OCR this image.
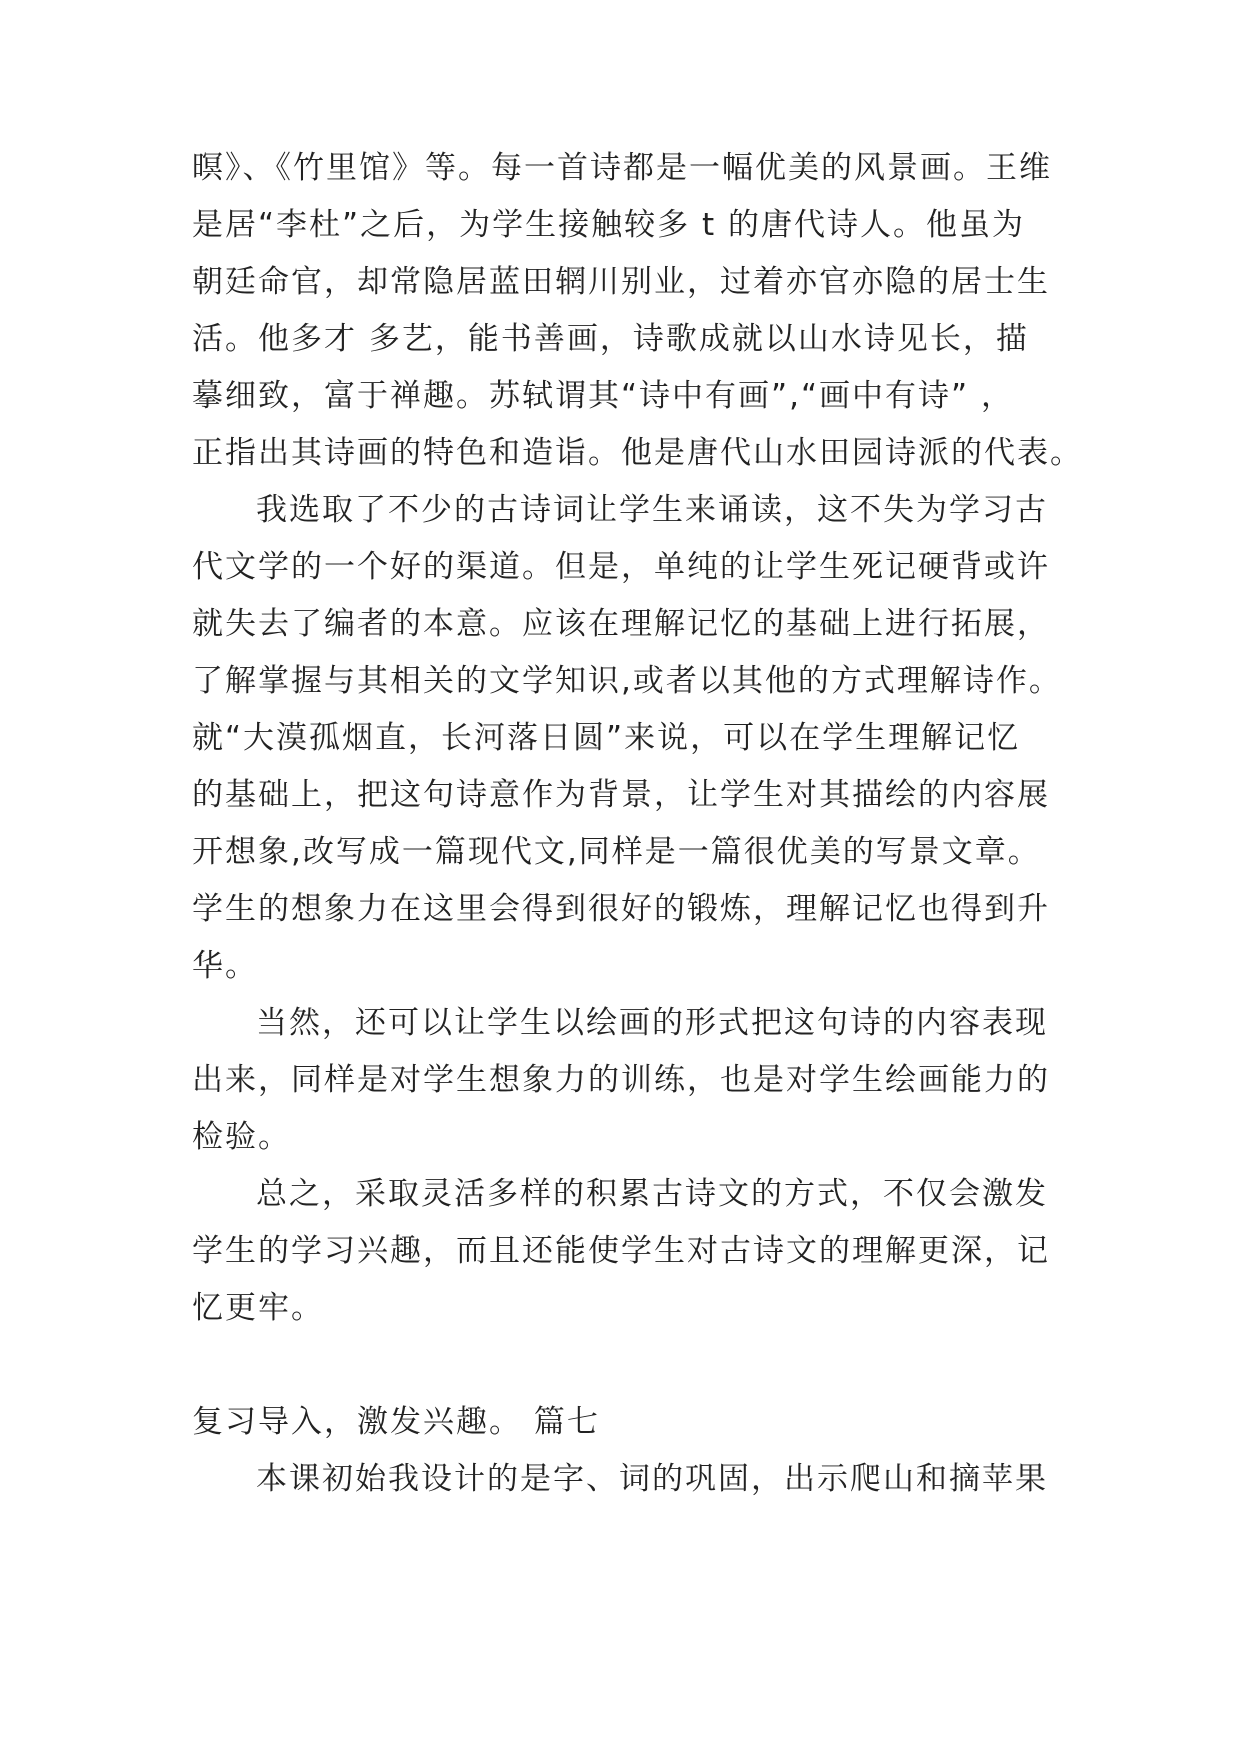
暝》、《竹里馆》等。每一首诗都是一幅优美的风景画。王维
是居“李杜”之后，为学生接触较多 t 的唐代诗人。他虽为
朝廷命官，却常隐居蓝田辋川别业，过着亦官亦隐的居士生
活。他多才 多艺，能书善画，诗歌成就以山水诗见长，描
摹细致，富于禅趣。苏轼谓其“诗中有画”,“画中有诗” ，
正指出其诗画的特色和造诣。他是唐代山水田园诗派的代表。
我选取了不少的古诗词让学生来诵读，这不失为学习古
代文学的一个好的渠道。但是，单纯的让学生死记硬背或许
就失去了编者的本意。应该在理解记忆的基础上进行拓展，
了解掌握与其相关的文学知识,或者以其他的方式理解诗作。
就“大漠孤烟直，长河落日圆”来说，可以在学生理解记忆
的基础上，把这句诗意作为背景，让学生对其描绘的内容展
开想象,改写成一篇现代文,同样是一篇很优美的写景文章。
学生的想象力在这里会得到很好的锻炼，理解记忆也得到升
华。
当然，还可以让学生以绘画的形式把这句诗的内容表现
出来，同样是对学生想象力的训练，也是对学生绘画能力的
检验。
总之，采取灵活多样的积累古诗文的方式，不仅会激发
学生的学习兴趣，而且还能使学生对古诗文的理解更深，记
忆更牢。
复习导入，激发兴趣。 篇七
本课初始我设计的是字、词的巩固，出示爬山和摘苹果
